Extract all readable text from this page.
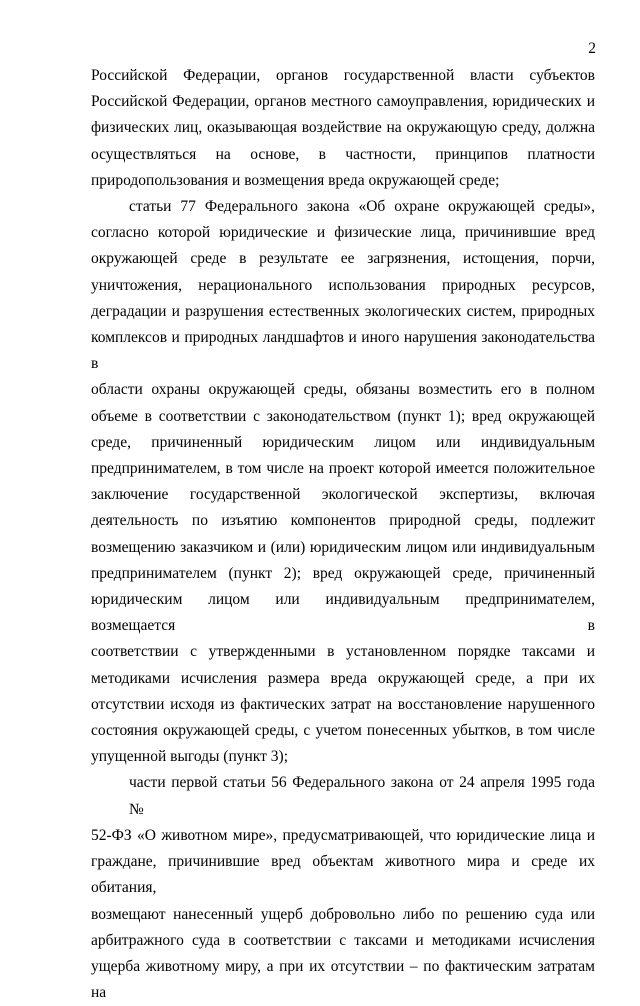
2
Российской Федерации, органов государственной власти субъектов
Российской Федерации, органов местного самоуправления, юридических и
физических лиц, оказывающая воздействие на окружающую среду, должна
осуществляться на основе, в частности, принципов платности
природопользования и возмещения вреда окружающей среде;
статьи 77 Федерального закона «Об охране окружающей среды»,
согласно которой юридические и физические лица, причинившие вред
окружающей среде в результате ее загрязнения, истощения, порчи,
уничтожения, нерационального использования природных ресурсов,
деградации и разрушения естественных экологических систем, природных
комплексов и природных ландшафтов и иного нарушения законодательства в
области охраны окружающей среды, обязаны возместить его в полном
объеме в соответствии с законодательством (пункт 1); вред окружающей
среде, причиненный юридическим лицом или индивидуальным
предпринимателем, в том числе на проект которой имеется положительное
заключение государственной экологической экспертизы, включая
деятельность по изъятию компонентов природной среды, подлежит
возмещению заказчиком и (или) юридическим лицом или индивидуальным
предпринимателем (пункт 2); вред окружающей среде, причиненный
юридическим лицом или индивидуальным предпринимателем, возмещается в
соответствии с утвержденными в установленном порядке таксами и
методиками исчисления размера вреда окружающей среде, а при их
отсутствии исходя из фактических затрат на восстановление нарушенного
состояния окружающей среды, с учетом понесенных убытков, в том числе
упущенной выгоды (пункт 3);
части первой статьи 56 Федерального закона от 24 апреля 1995 года №
52-ФЗ «О животном мире», предусматривающей, что юридические лица и
граждане, причинившие вред объектам животного мира и среде их обитания,
возмещают нанесенный ущерб добровольно либо по решению суда или
арбитражного суда в соответствии с таксами и методиками исчисления
ущерба животному миру, а при их отсутствии – по фактическим затратам на
